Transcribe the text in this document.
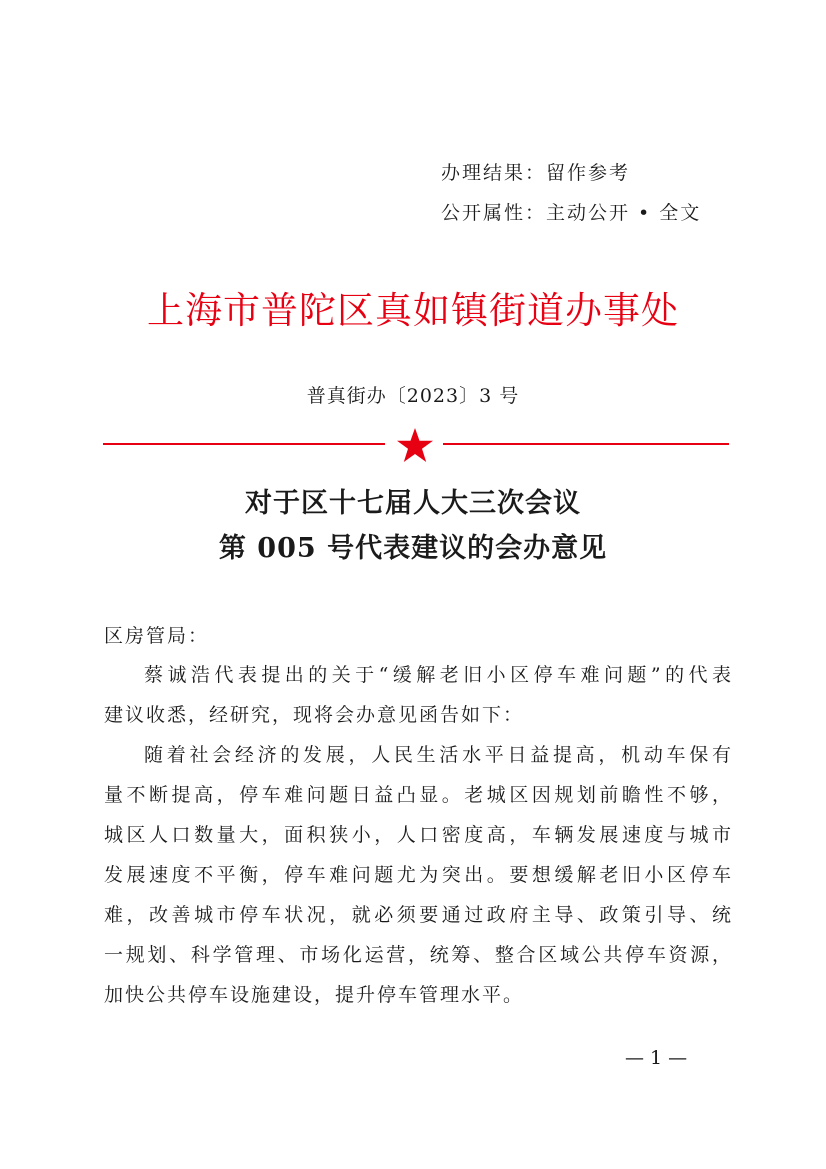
办理结果：留作参考
公开属性：主动公开 • 全文
上海市普陀区真如镇街道办事处
普真街办〔2023〕3 号
对于区十七届人大三次会议
第 005 号代表建议的会办意见
区房管局：
蔡诚浩代表提出的关于“缓解老旧小区停车难问题”的代表
建议收悉，经研究，现将会办意见函告如下：
随着社会经济的发展，人民生活水平日益提高，机动车保有
量不断提高，停车难问题日益凸显。老城区因规划前瞻性不够，
城区人口数量大，面积狭小，人口密度高，车辆发展速度与城市
发展速度不平衡，停车难问题尤为突出。要想缓解老旧小区停车
难，改善城市停车状况，就必须要通过政府主导、政策引导、统
一规划、科学管理、市场化运营，统筹、整合区域公共停车资源，
加快公共停车设施建设，提升停车管理水平。
— 1 —
